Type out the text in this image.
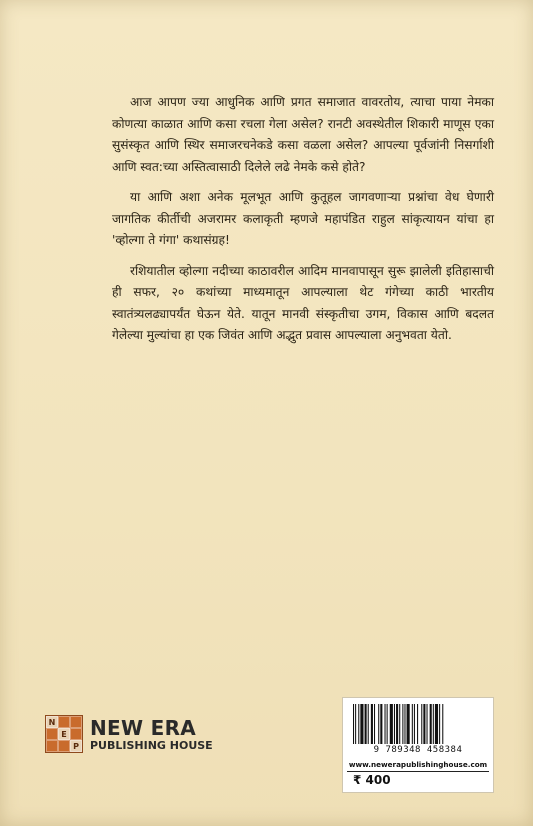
आज आपण ज्या आधुनिक आणि प्रगत समाजात वावरतोय, त्याचा पाया नेमका कोणत्या काळात आणि कसा रचला गेला असेल? रानटी अवस्थेतील शिकारी माणूस एका सुसंस्कृत आणि स्थिर समाजरचनेकडे कसा वळला असेल? आपल्या पूर्वजांनी निसर्गाशी आणि स्वत:च्या अस्तित्वासाठी दिलेले लढे नेमके कसे होते?

या आणि अशा अनेक मूलभूत आणि कुतूहल जागवणाऱ्या प्रश्नांचा वेध घेणारी जागतिक कीर्तीची अजरामर कलाकृती म्हणजे महापंडित राहुल सांकृत्यायन यांचा हा 'व्होल्गा ते गंगा' कथासंग्रह!

रशियातील व्होल्गा नदीच्या काठावरील आदिम मानवापासून सुरू झालेली इतिहासाची ही सफर, २० कथांच्या माध्यमातून आपल्याला थेट गंगेच्या काठी भारतीय स्वातंत्र्यलढ्यापर्यंत घेऊन येते. यातून मानवी संस्कृतीचा उगम, विकास आणि बदलत गेलेल्या मुल्यांचा हा एक जिवंत आणि अद्भुत प्रवास आपल्याला अनुभवता येतो.

N
E
P
NEW ERA
PUBLISHING HOUSE	9 789348 458384
www.newerapublishinghouse.com
₹ 400
